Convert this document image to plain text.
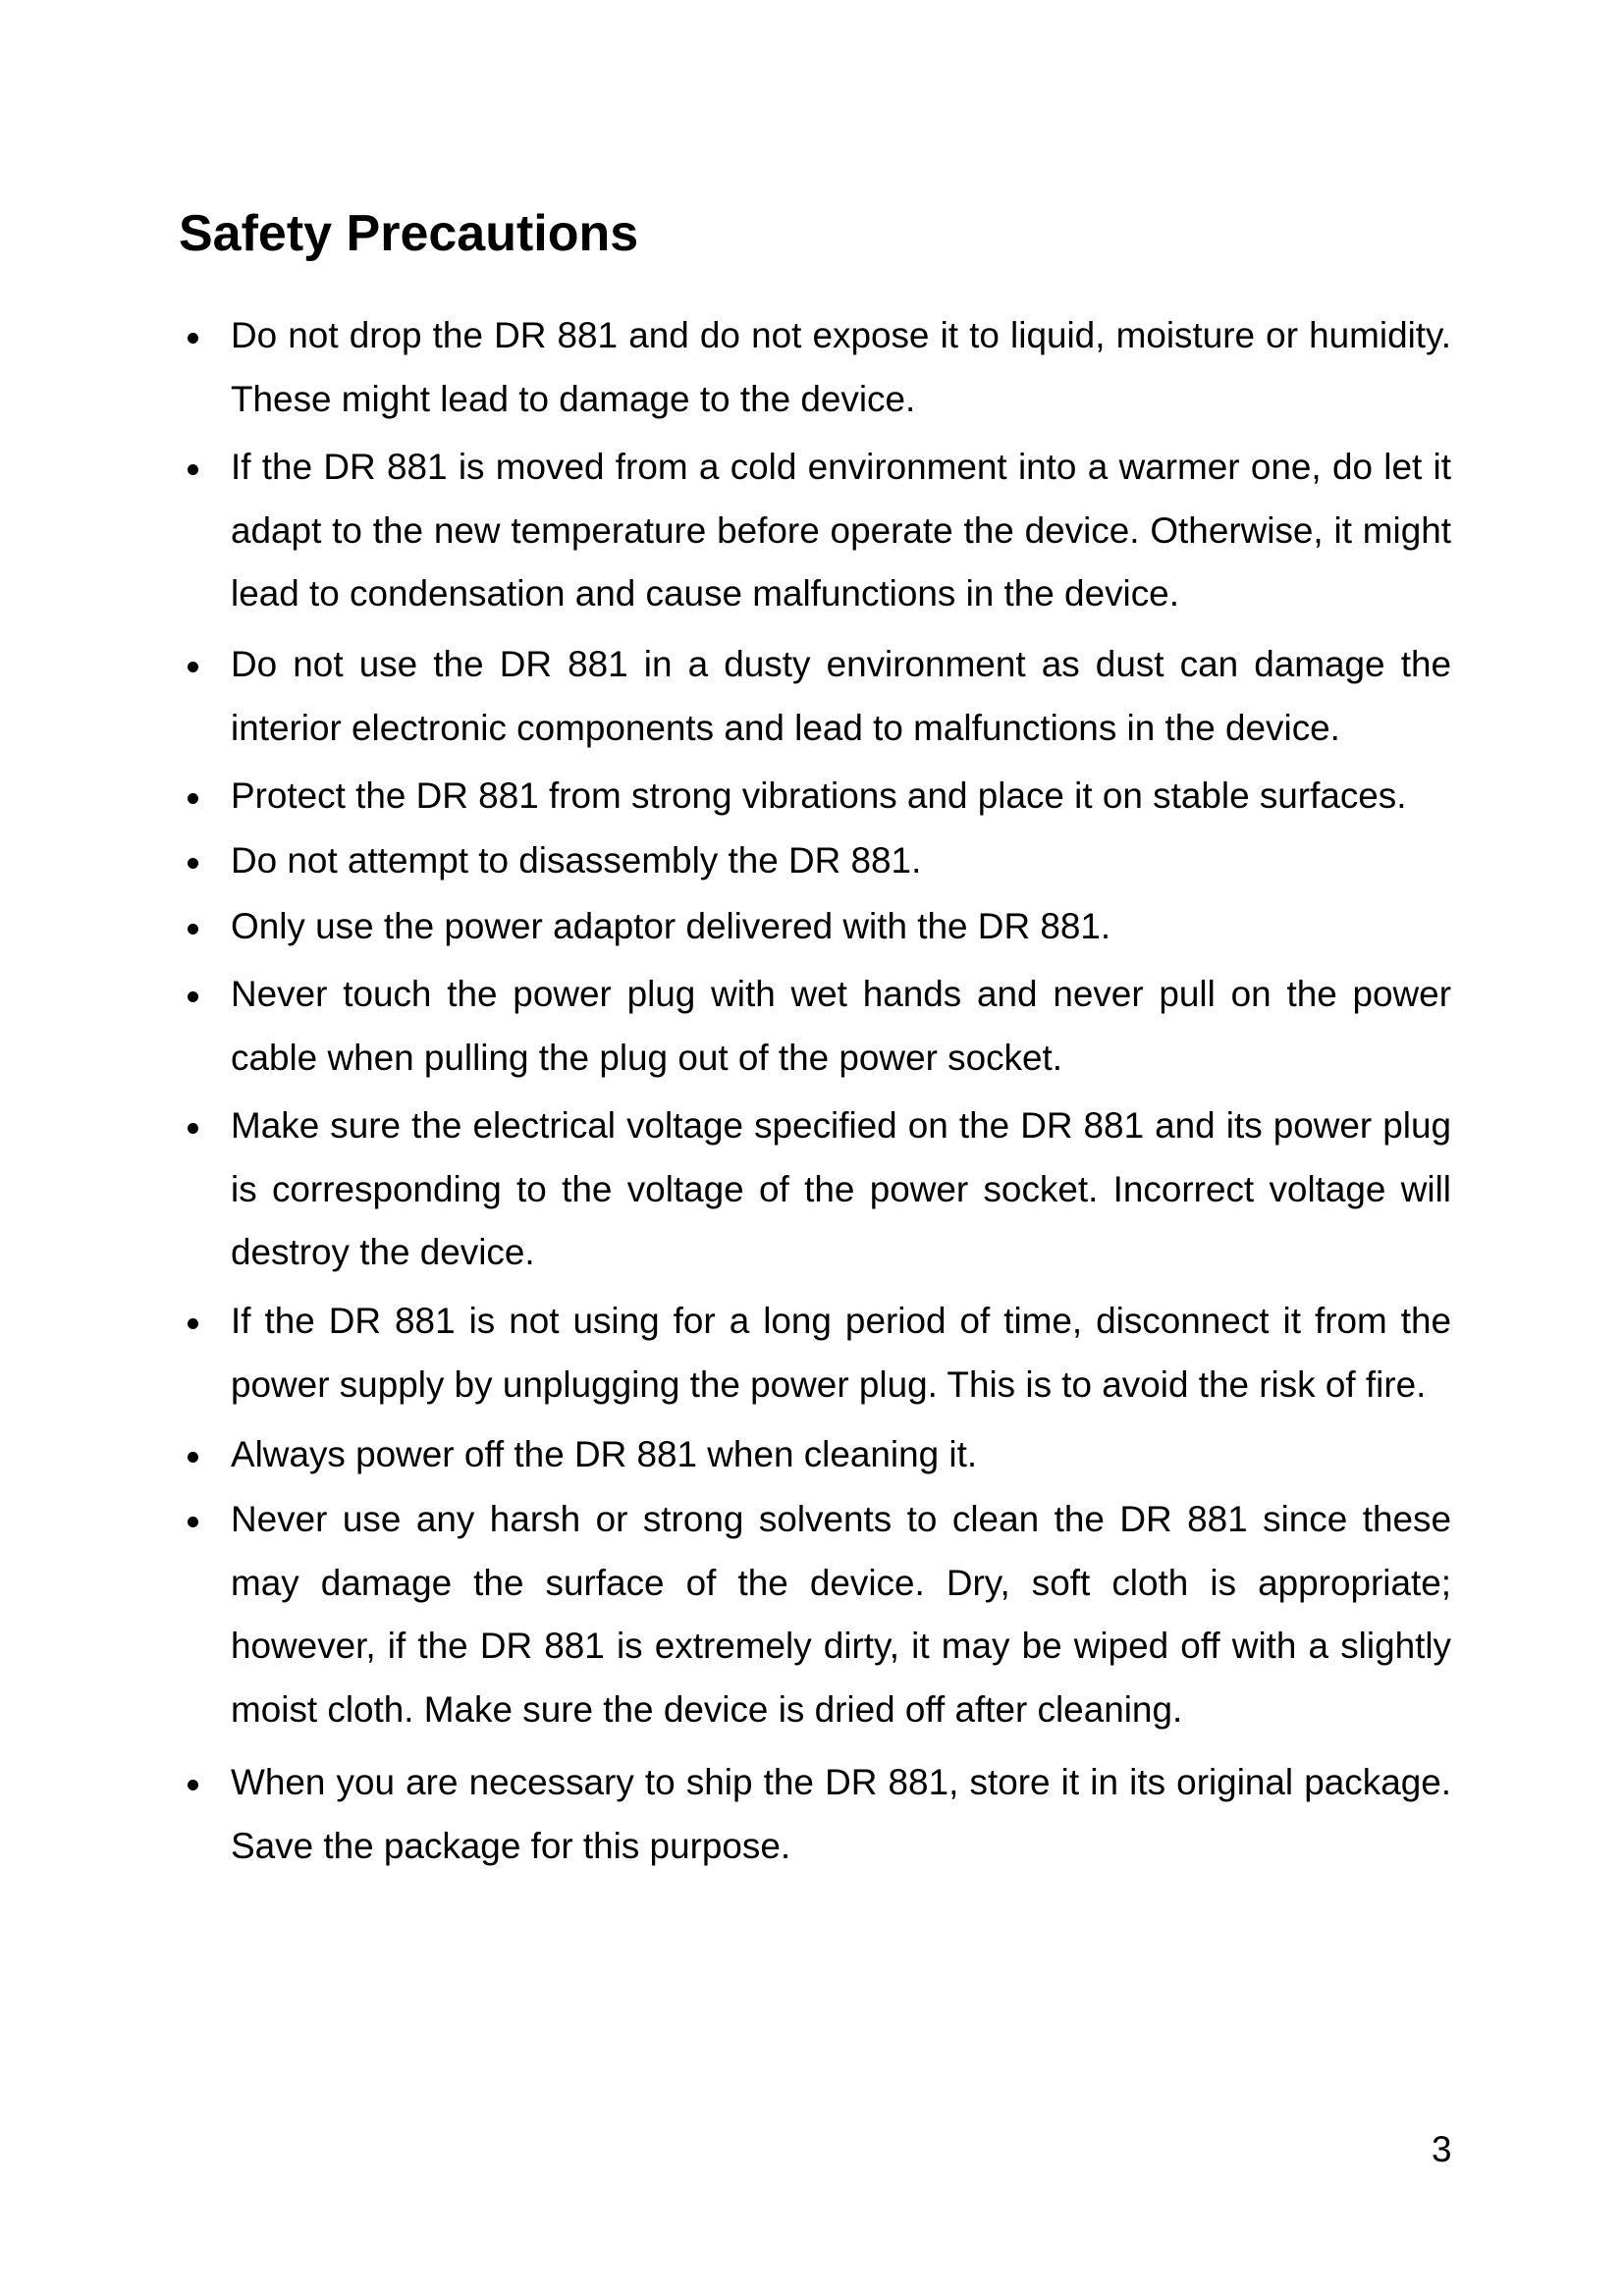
Safety Precautions
Do not drop the DR 881 and do not expose it to liquid, moisture or humidity.
These might lead to damage to the device.
If the DR 881 is moved from a cold environment into a warmer one, do let it
adapt to the new temperature before operate the device. Otherwise, it might
lead to condensation and cause malfunctions in the device.
Do not use the DR 881 in a dusty environment as dust can damage the
interior electronic components and lead to malfunctions in the device.
Protect the DR 881 from strong vibrations and place it on stable surfaces.
Do not attempt to disassembly the DR 881.
Only use the power adaptor delivered with the DR 881.
Never touch the power plug with wet hands and never pull on the power
cable when pulling the plug out of the power socket.
Make sure the electrical voltage specified on the DR 881 and its power plug
is corresponding to the voltage of the power socket. Incorrect voltage will
destroy the device.
If the DR 881 is not using for a long period of time, disconnect it from the
power supply by unplugging the power plug. This is to avoid the risk of fire.
Always power off the DR 881 when cleaning it.
Never use any harsh or strong solvents to clean the DR 881 since these
may damage the surface of the device. Dry, soft cloth is appropriate;
however, if the DR 881 is extremely dirty, it may be wiped off with a slightly
moist cloth. Make sure the device is dried off after cleaning.
When you are necessary to ship the DR 881, store it in its original package.
Save the package for this purpose.
3
